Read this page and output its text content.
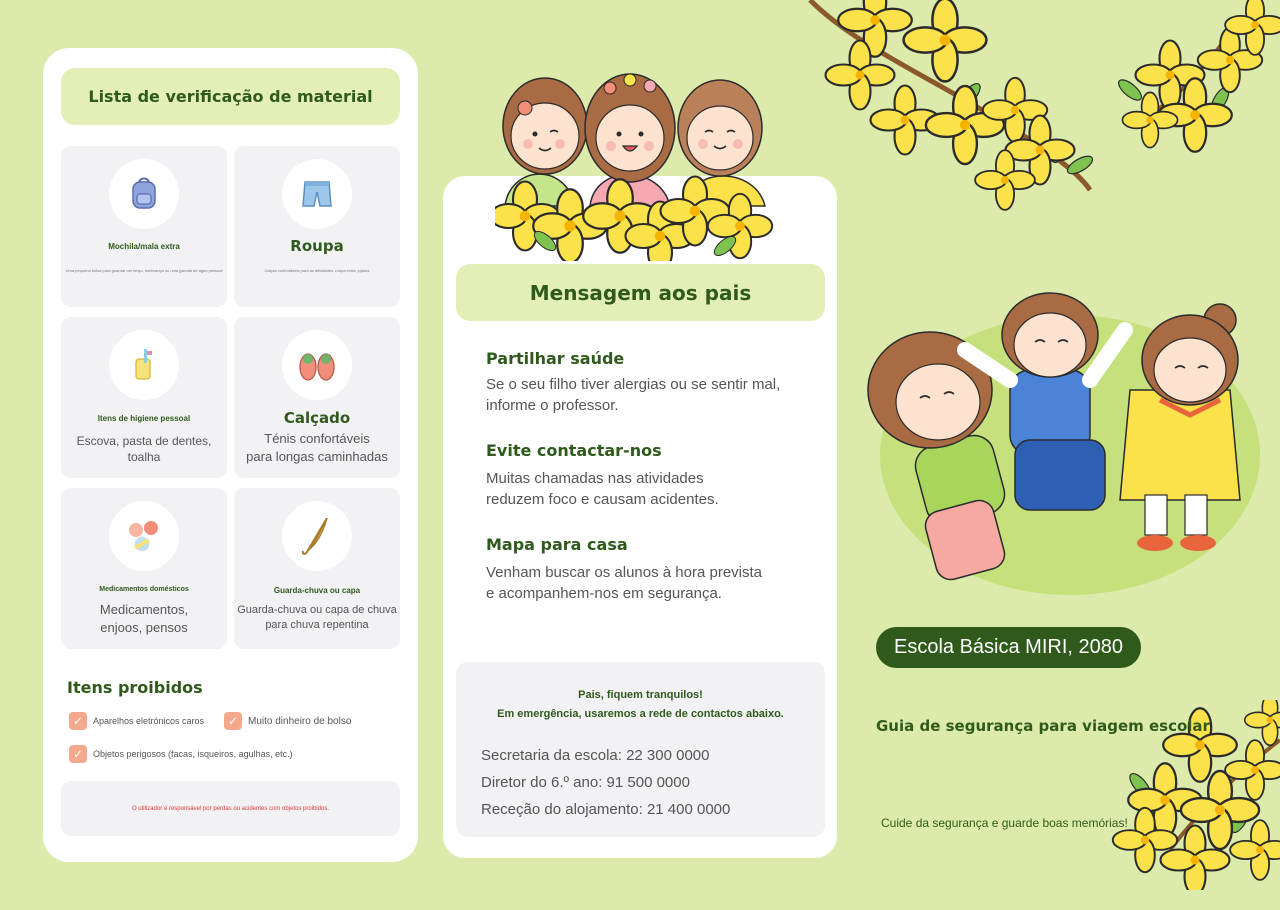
Lista de verificação de material
Mochila/mala extra
Uma pequena bolsa para guardar um lenço, lembrança ou uma garrafa de água pessoal
Roupa
Calças confortáveis para as atividades, roupa extra, pijama
Itens de higiene pessoal
Escova, pasta de dentes, toalha
Calçado
Ténis confortáveis
para longas caminhadas
Medicamentos domésticos
Medicamentos,
enjoos, pensos
Guarda-chuva ou capa
Guarda-chuva ou capa de chuva
para chuva repentina
Itens proibidos
✓	Aparelhos eletrónicos caros	✓ Muito dinheiro de bolso
✓	Objetos perigosos (facas, isqueiros, agulhas, etc.)
O utilizador é responsável por perdas ou acidentes com objetos proibidos.
Mensagem aos pais
Partilhar saúde
Se o seu filho tiver alergias ou se sentir mal,
informe o professor.
Evite contactar-nos
Muitas chamadas nas atividades
reduzem foco e causam acidentes.
Mapa para casa
Venham buscar os alunos à hora prevista
e acompanhem-nos em segurança.
Pais, fiquem tranquilos!
Em emergência, usaremos a rede de contactos abaixo.
Secretaria da escola: 22 300 0000
Diretor do 6.º ano: 91 500 0000
Receção do alojamento: 21 400 0000
Escola Básica MIRI, 2080
Guia de segurança para viagem escolar
Cuide da segurança e guarde boas memórias!
